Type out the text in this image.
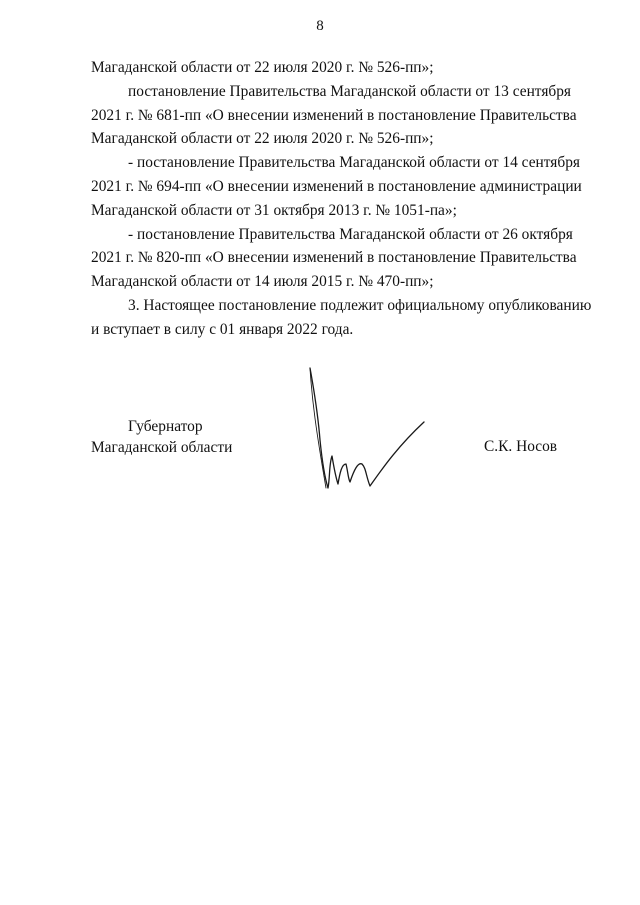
8
Магаданской области от 22 июля 2020 г. № 526-пп»;
постановление Правительства Магаданской области от 13 сентября
2021 г. № 681-пп «О внесении изменений в постановление Правительства
Магаданской области от 22 июля 2020 г. № 526-пп»;
- постановление Правительства Магаданской области от 14 сентября
2021 г. № 694-пп «О внесении изменений в постановление администрации
Магаданской области от 31 октября 2013 г. № 1051-па»;
- постановление Правительства Магаданской области от 26 октября
2021 г. № 820-пп «О внесении изменений в постановление Правительства
Магаданской области от 14 июля 2015 г. № 470-пп»;
3. Настоящее постановление подлежит официальному опубликованию
и вступает в силу с 01 января 2022 года.
Губернатор
Магаданской области	С.К. Носов
